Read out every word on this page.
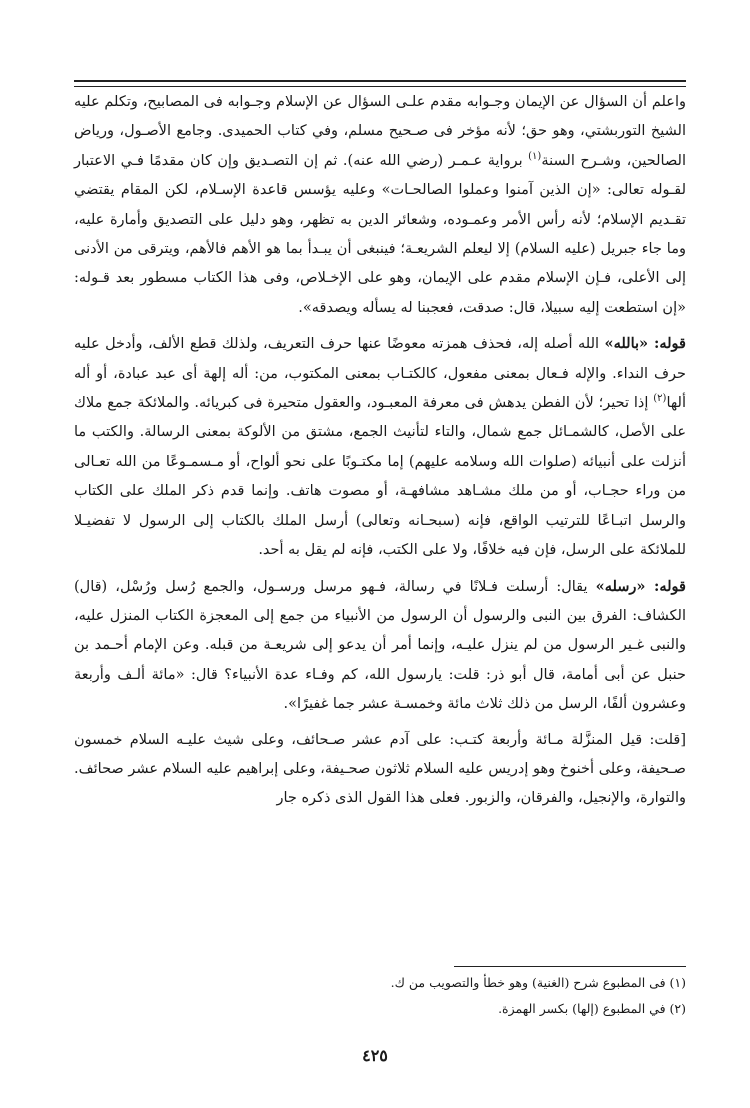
واعلم أن السؤال عن الإيمان وجـوابه مقدم علـى السؤال عن الإسلام وجـوابه فى المصابيح، وتكلم عليه الشيخ التوربشتي، وهو حق؛ لأنه مؤخر فى صـحيح مسلم، وفي كتاب الحميدى. وجامع الأصـول، ورياض الصالحين، وشـرح السنة$^{(١)}$ برواية عـمـر (رضي الله عنه). ثم إن التصـديق وإن كان مقدمًا فـي الاعتبار لقـوله تعالى: «إن الذين آمنوا وعملوا الصالحـات» وعليه يؤسس قاعدة الإسـلام، لكن المقام يقتضي تقـديم الإسلام؛ لأنه رأس الأمر وعمـوده، وشعائر الدين به تظهر، وهو دليل على التصديق وأمارة عليه، وما جاء جبريل (عليه السلام) إلا ليعلم الشريعـة؛ فينبغى أن يبـدأ بما هو الأهم فالأهم، ويترقى من الأدنى إلى الأعلى، فـإن الإسلام مقدم على الإيمان، وهو على الإخـلاص، وفى هذا الكتاب مسطور بعد قـوله: «إن استطعت إليه سبيلا، قال: صدقت، فعجبنا له يسأله ويصدقه».

قوله: «بالله» الله أصله إله، فحذف همزته معوضًا عنها حرف التعريف، ولذلك قطع الألف، وأدخل عليه حرف النداء. والإله فـعال بمعنى مفعول، كالكتـاب بمعنى المكتوب، من: أله إلهة أى عبد عبادة، أو أله ألها$^{(٢)}$ إذا تحير؛ لأن الفطن يدهش فى معرفة المعبـود، والعقول متحيرة فى كبريائه. والملائكة جمع ملاك على الأصل، كالشمـائل جمع شمال، والتاء لتأنيث الجمع، مشتق من الألوكة بمعنى الرسالة. والكتب ما أنزلت على أنبيائه (صلوات الله وسلامه عليهم) إما مكتـوبًا على نحو ألواح، أو مـسمـوعًا من الله تعـالى من وراء حجـاب، أو من ملك مشـاهد مشافهـة، أو مصوت هاتف. وإنما قدم ذكر الملك على الكتاب والرسل اتبـاعًا للترتيب الواقع، فإنه (سبحـانه وتعالى) أرسل الملك بالكتاب إلى الرسول لا تفضيـلا للملائكة على الرسل، فإن فيه خلافًا، ولا على الكتب، فإنه لم يقل به أحد.

قوله: «رسله» يقال: أرسلت فـلانًا في رسالة، فـهو مرسل ورسـول، والجمع رُسل ورُسْل، (قال) الكشاف: الفرق بين النبى والرسول أن الرسول من الأنبياء من جمع إلى المعجزة الكتاب المنزل عليه، والنبى غـير الرسول من لم ينزل عليـه، وإنما أمر أن يدعو إلى شريعـة من قبله. وعن الإمام أحـمد بن حنبل عن أبى أمامة، قال أبو ذر: قلت: يارسول الله، كم وفـاء عدة الأنبياء؟ قال: «مائة ألـف وأربعة وعشرون ألفًا، الرسل من ذلك ثلاث مائة وخمسـة عشر جما غفيرًا».

[قلت: قيل المنزَّلة مـائة وأربعة كتـب: على آدم عشر صـحائف، وعلى شيث عليـه السلام خمسون صـحيفة، وعلى أخنوخ وهو إدريس عليه السلام ثلاثون صحـيفة، وعلى إبراهيم عليه السلام عشر صحائف. والتوارة، والإنجيل، والفرقان، والزبور. فعلى هذا القول الذى ذكره جار

(١) فى المطبوع شرح (الغنية) وهو خطأ والتصويب من ك.

(٢) في المطبوع (إلها) بكسر الهمزة.

٤٢٥
